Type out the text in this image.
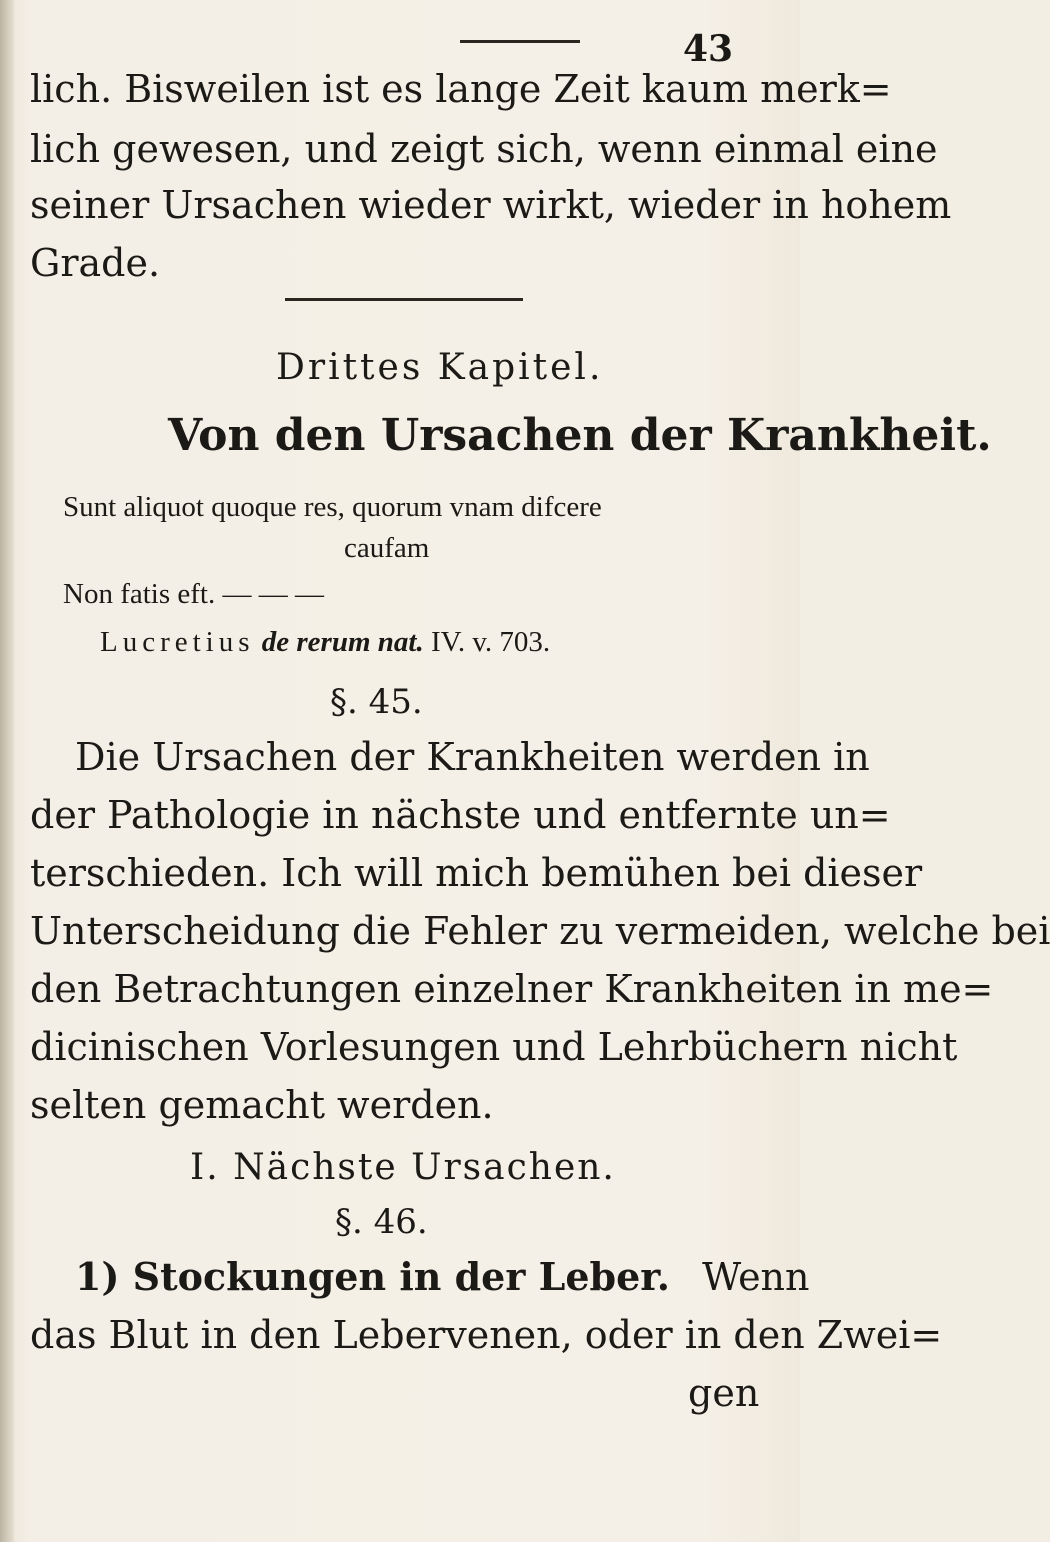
43
lich. Bisweilen ist es lange Zeit kaum merk=
lich gewesen, und zeigt sich, wenn einmal eine
seiner Ursachen wieder wirkt, wieder in hohem
Grade.
Drittes Kapitel.
Von den Ursachen der Krankheit.
Sunt aliquot quoque res, quorum vnam difcere
caufam
Non fatis eft. — — —
Lucretius de rerum nat. IV. v. 703.
§. 45.
Die Ursachen der Krankheiten werden in
der Pathologie in nächste und entfernte un=
terschieden. Ich will mich bemühen bei dieser
Unterscheidung die Fehler zu vermeiden, welche bei
den Betrachtungen einzelner Krankheiten in me=
dicinischen Vorlesungen und Lehrbüchern nicht
selten gemacht werden.
I. Nächste Ursachen.
§. 46.
1) Stockungen in der Leber. Wenn
das Blut in den Lebervenen, oder in den Zwei=
gen
